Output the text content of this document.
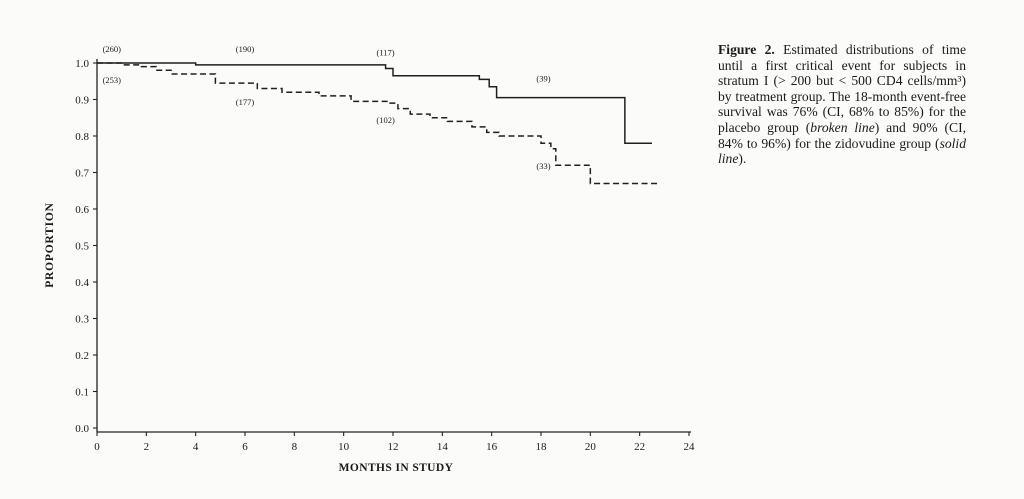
0.0
0.1
0.2
0.3
0.4
0.5
0.6
0.7
0.8
0.9
1.0
0	2	4	6	8	10	12	14	16	18	20	22	24
(260)	(190)	(117)
(39)
(253)
(177)
(102)
(33)
MONTHS IN STUDY
PROPORTION
Figure 2. Estimated distributions of time until a first critical event for subjects in stratum I (> 200 but < 500 CD4 cells/mm³) by treatment group. The 18-month event-free survival was 76% (CI, 68% to 85%) for the placebo group (broken line) and 90% (CI, 84% to 96%) for the zidovudine group (solid line).
